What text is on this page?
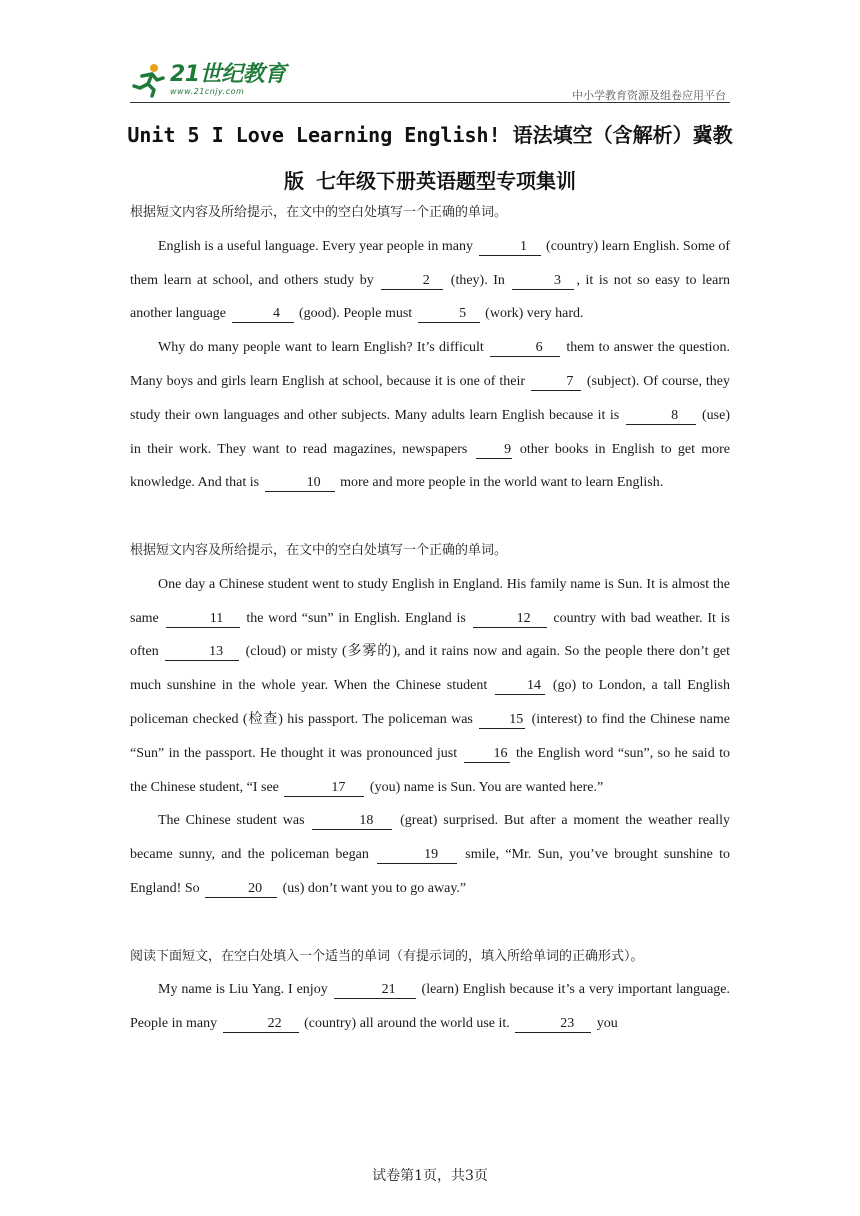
21世纪教育
www.21cnjy.com	中小学教育资源及组卷应用平台
Unit 5 I Love Learning English! 语法填空（含解析）冀教
版 七年级下册英语题型专项集训

根据短文内容及所给提示，在文中的空白处填写一个正确的单词。

English is a useful language. Every year people in many	1 (country) learn English. Some of them learn at school, and others study by	2 (they). In	3 , it is not so easy to learn another language	4 (good). People must	5 (work) very hard.

Why do many people want to learn English? It’s difficult	6 them to answer the question. Many boys and girls learn English at school, because it is one of their	7 (subject). Of course, they study their own languages and other subjects. Many adults learn English because it is	8 (use) in their work. They want to read magazines, newspapers 9 other books in English to get more knowledge. And that is	10 more and more people in the world want to learn English.

根据短文内容及所给提示，在文中的空白处填写一个正确的单词。

One day a Chinese student went to study English in England. His family name is Sun. It is almost the same	11 the word “sun” in English. England is	12 country with bad weather. It is often	13 (cloud) or misty (多雾的), and it rains now and again. So the people there don’t get much sunshine in the whole year. When the Chinese student 14 (go) to London, a tall English policeman checked (检查) his passport. The policeman was 15 (interest) to find the Chinese name “Sun” in the passport. He thought it was pronounced just 16 the English word “sun”, so he said to the Chinese student, “I see	17 (you) name is Sun. You are wanted here.”

The Chinese student was	18 (great) surprised. But after a moment the weather really became sunny, and the policeman began	19 smile, “Mr. Sun, you’ve brought sunshine to England! So	20 (us) don’t want you to go away.”

阅读下面短文，在空白处填入一个适当的单词（有提示词的，填入所给单词的正确形式）。

My name is Liu Yang. I enjoy	21 (learn) English because it’s a very important language. People in many	22 (country) all around the world use it.	23 you

试卷第1页，共3页
